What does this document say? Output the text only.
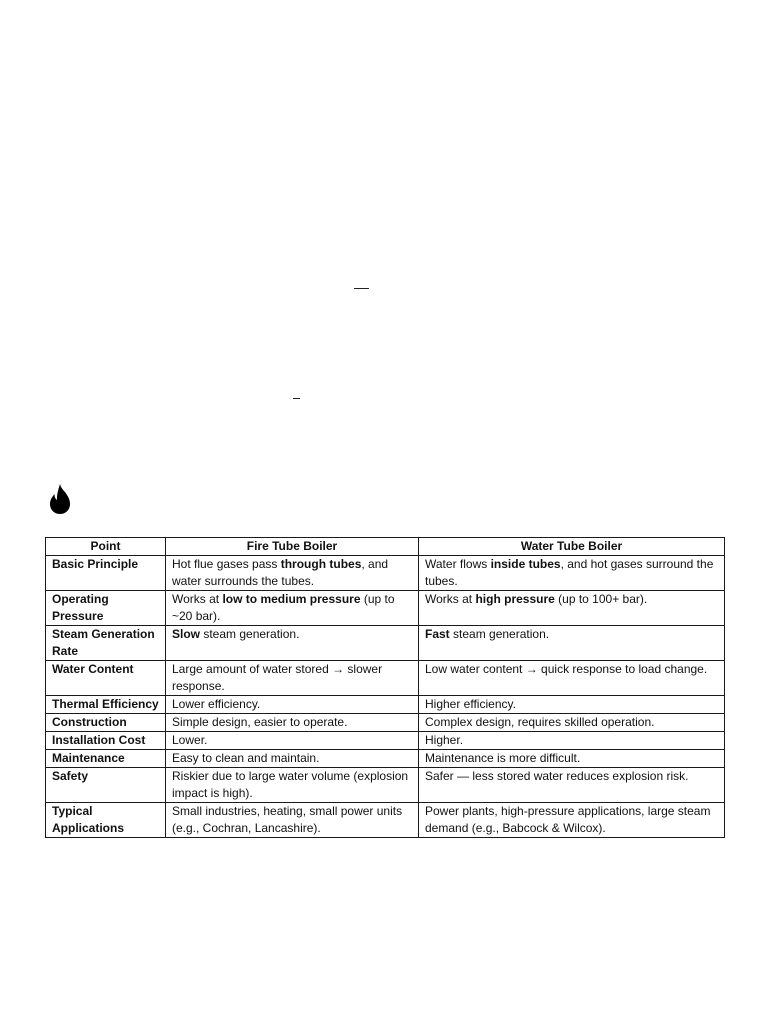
Point	Fire Tube Boiler	Water Tube Boiler
Basic Principle	Hot flue gases pass through tubes, and water surrounds the tubes.	Water flows inside tubes, and hot gases surround the tubes.
Operating Pressure	Works at low to medium pressure (up to ~20 bar).	Works at high pressure (up to 100+ bar).
Steam Generation Rate	Slow steam generation.	Fast steam generation.
Water Content	Large amount of water stored → slower response.	Low water content → quick response to load change.
Thermal Efficiency	Lower efficiency.	Higher efficiency.
Construction	Simple design, easier to operate.	Complex design, requires skilled operation.
Installation Cost	Lower.	Higher.
Maintenance	Easy to clean and maintain.	Maintenance is more difficult.
Safety	Riskier due to large water volume (explosion impact is high).	Safer — less stored water reduces explosion risk.
Typical Applications	Small industries, heating, small power units (e.g., Cochran, Lancashire).	Power plants, high-pressure applications, large steam demand (e.g., Babcock & Wilcox).
